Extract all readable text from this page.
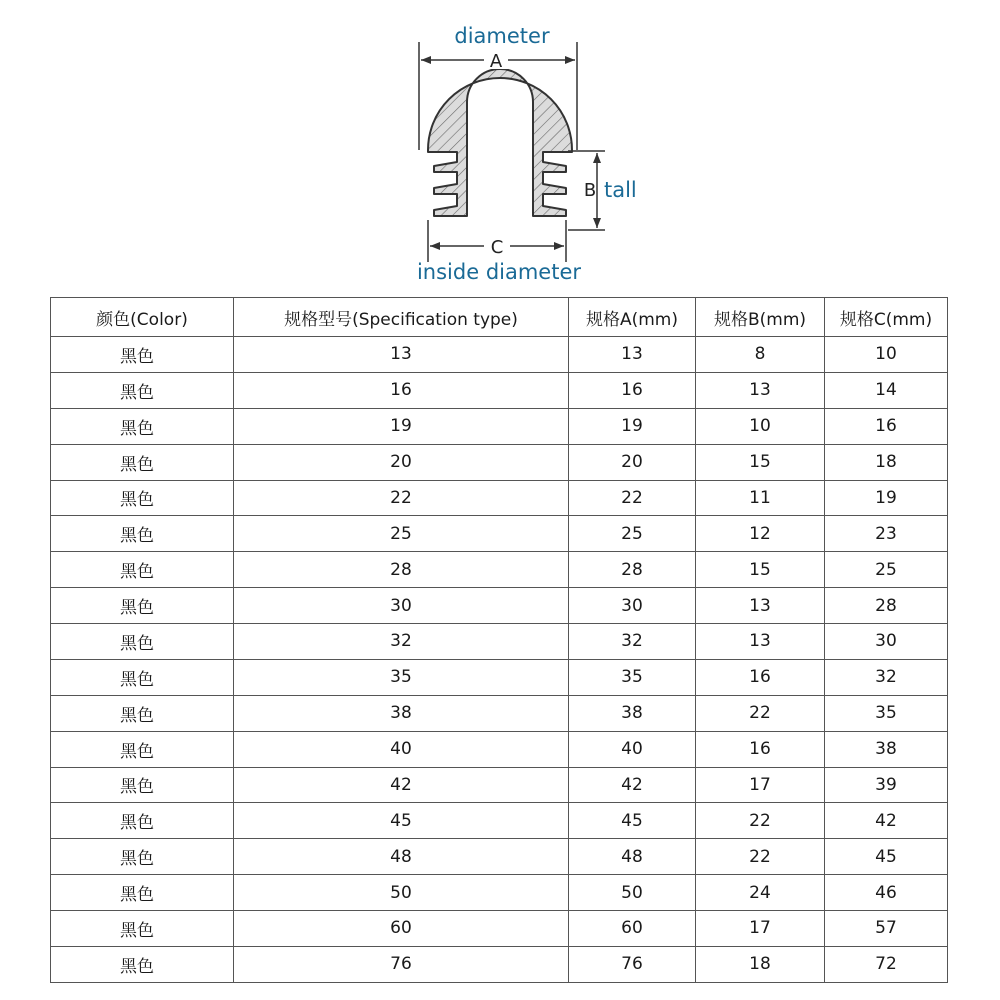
A
diameter
B tall
C
inside diameter
颜色(Color)	规格型号(Specification type)	规格A(mm)	规格B(mm)	规格C(mm)
黑色	13	13	8	10
黑色	16	16	13	14
黑色	19	19	10	16
黑色	20	20	15	18
黑色	22	22	11	19
黑色	25	25	12	23
黑色	28	28	15	25
黑色	30	30	13	28
黑色	32	32	13	30
黑色	35	35	16	32
黑色	38	38	22	35
黑色	40	40	16	38
黑色	42	42	17	39
黑色	45	45	22	42
黑色	48	48	22	45
黑色	50	50	24	46
黑色	60	60	17	57
黑色	76	76	18	72
